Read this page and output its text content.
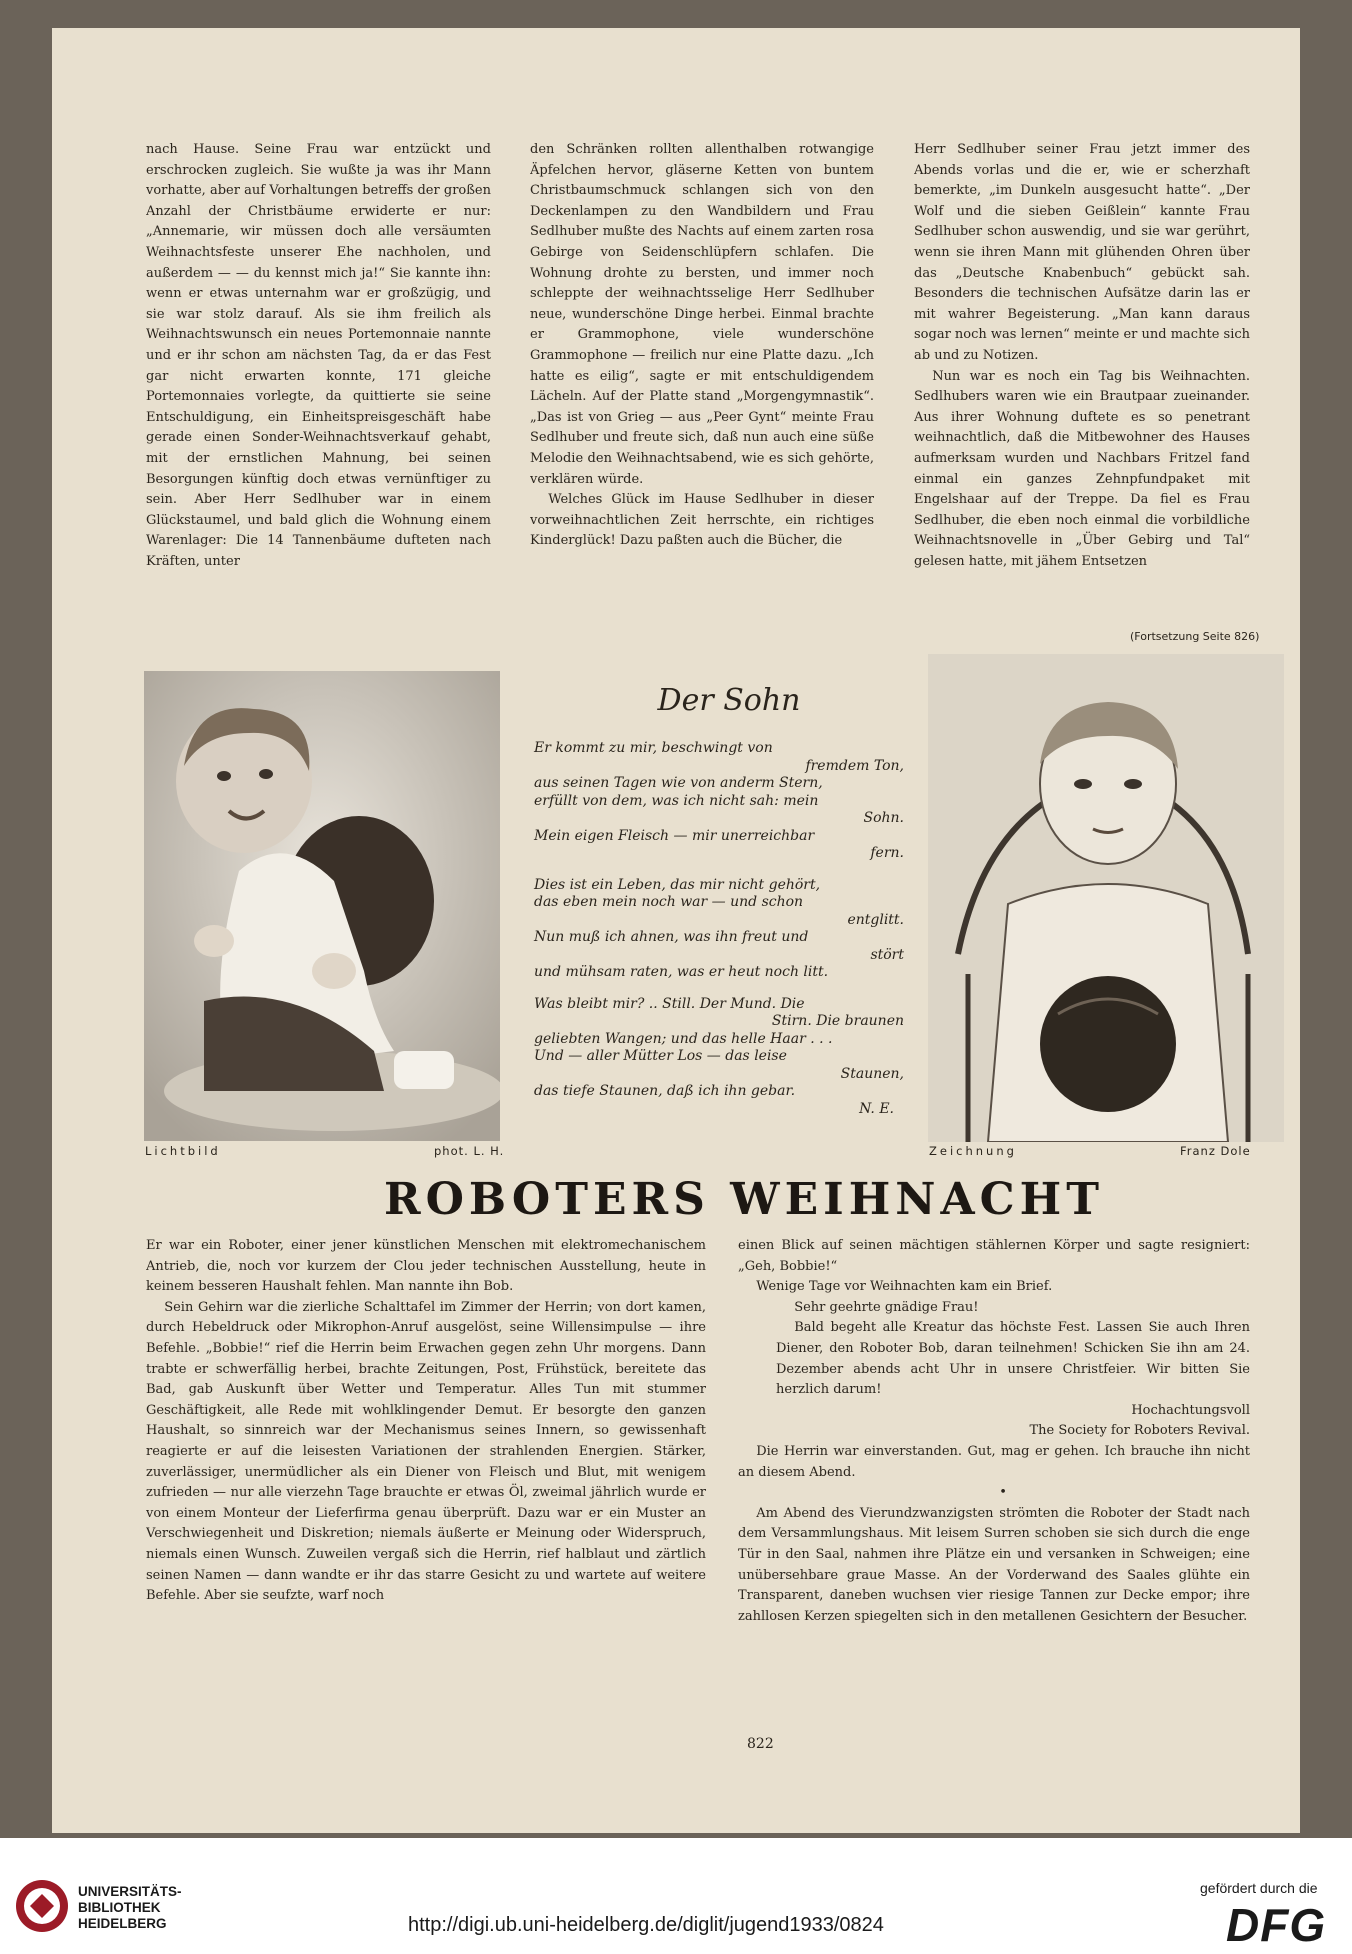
nach Hause. Seine Frau war entzückt und erschrocken zugleich. Sie wußte ja was ihr Mann vorhatte, aber auf Vorhaltungen betreffs der großen Anzahl der Christbäume erwiderte er nur: „Annemarie, wir müssen doch alle versäumten Weihnachtsfeste unserer Ehe nachholen, und außerdem — — du kennst mich ja!“ Sie kannte ihn: wenn er etwas unternahm war er großzügig, und sie war stolz darauf. Als sie ihm freilich als Weihnachtswunsch ein neues Portemonnaie nannte und er ihr schon am nächsten Tag, da er das Fest gar nicht erwarten konnte, 171 gleiche Portemonnaies vorlegte, da quittierte sie seine Entschuldigung, ein Einheitspreisgeschäft habe gerade einen Sonder-Weihnachtsverkauf gehabt, mit der ernstlichen Mahnung, bei seinen Besorgungen künftig doch etwas vernünftiger zu sein. Aber Herr Sedlhuber war in einem Glückstaumel, und bald glich die Wohnung einem Warenlager: Die 14 Tannenbäume dufteten nach Kräften, unter

den Schränken rollten allenthalben rotwangige Äpfelchen hervor, gläserne Ketten von buntem Christbaumschmuck schlangen sich von den Deckenlampen zu den Wandbildern und Frau Sedlhuber mußte des Nachts auf einem zarten rosa Gebirge von Seidenschlüpfern schlafen. Die Wohnung drohte zu bersten, und immer noch schleppte der weihnachtsselige Herr Sedlhuber neue, wunderschöne Dinge herbei. Einmal brachte er Grammophone, viele wunderschöne Grammophone — freilich nur eine Platte dazu. „Ich hatte es eilig“, sagte er mit entschuldigendem Lächeln. Auf der Platte stand „Morgengymnastik“. „Das ist von Grieg — aus „Peer Gynt“ meinte Frau Sedlhuber und freute sich, daß nun auch eine süße Melodie den Weihnachtsabend, wie es sich gehörte, verklären würde.

Welches Glück im Hause Sedlhuber in dieser vorweihnachtlichen Zeit herrschte, ein richtiges Kinderglück! Dazu paßten auch die Bücher, die

Herr Sedlhuber seiner Frau jetzt immer des Abends vorlas und die er, wie er scherzhaft bemerkte, „im Dunkeln ausgesucht hatte“. „Der Wolf und die sieben Geißlein“ kannte Frau Sedlhuber schon auswendig, und sie war gerührt, wenn sie ihren Mann mit glühenden Ohren über das „Deutsche Knabenbuch“ gebückt sah. Besonders die technischen Aufsätze darin las er mit wahrer Begeisterung. „Man kann daraus sogar noch was lernen“ meinte er und machte sich ab und zu Notizen.

Nun war es noch ein Tag bis Weihnachten. Sedlhubers waren wie ein Brautpaar zueinander. Aus ihrer Wohnung duftete es so penetrant weihnachtlich, daß die Mitbewohner des Hauses aufmerksam wurden und Nachbars Fritzel fand einmal ein ganzes Zehnpfundpaket mit Engelshaar auf der Treppe. Da fiel es Frau Sedlhuber, die eben noch einmal die vorbildliche Weihnachtsnovelle in „Über Gebirg und Tal“ gelesen hatte, mit jähem Entsetzen

(Fortsetzung Seite 826)
Lichtbild	phot. L. H.
Der Sohn
Er kommt zu mir, beschwingt von
fremdem Ton,
aus seinen Tagen wie von anderm Stern,
erfüllt von dem, was ich nicht sah: mein
Sohn.
Mein eigen Fleisch — mir unerreichbar
fern.
Dies ist ein Leben, das mir nicht gehört,
das eben mein noch war — und schon
entglitt.
Nun muß ich ahnen, was ihn freut und
stört
und mühsam raten, was er heut noch litt.
Was bleibt mir? .. Still. Der Mund. Die
Stirn. Die braunen
geliebten Wangen; und das helle Haar . . .
Und — aller Mütter Los — das leise
Staunen,
das tiefe Staunen, daß ich ihn gebar.
N. E.
Zeichnung	Franz Dole
ROBOTERS WEIHNACHT

Er war ein Roboter, einer jener künstlichen Menschen mit elektromechanischem Antrieb, die, noch vor kurzem der Clou jeder technischen Ausstellung, heute in keinem besseren Haushalt fehlen. Man nannte ihn Bob.

Sein Gehirn war die zierliche Schalttafel im Zimmer der Herrin; von dort kamen, durch Hebeldruck oder Mikrophon-Anruf ausgelöst, seine Willensimpulse — ihre Befehle. „Bobbie!“ rief die Herrin beim Erwachen gegen zehn Uhr morgens. Dann trabte er schwerfällig herbei, brachte Zeitungen, Post, Frühstück, bereitete das Bad, gab Auskunft über Wetter und Temperatur. Alles Tun mit stummer Geschäftigkeit, alle Rede mit wohlklingender Demut. Er besorgte den ganzen Haushalt, so sinnreich war der Mechanismus seines Innern, so gewissenhaft reagierte er auf die leisesten Variationen der strahlenden Energien. Stärker, zuverlässiger, unermüdlicher als ein Diener von Fleisch und Blut, mit wenigem zufrieden — nur alle vierzehn Tage brauchte er etwas Öl, zweimal jährlich wurde er von einem Monteur der Lieferfirma genau überprüft. Dazu war er ein Muster an Verschwiegenheit und Diskretion; niemals äußerte er Meinung oder Widerspruch, niemals einen Wunsch. Zuweilen vergaß sich die Herrin, rief halblaut und zärtlich seinen Namen — dann wandte er ihr das starre Gesicht zu und wartete auf weitere Befehle. Aber sie seufzte, warf noch

einen Blick auf seinen mächtigen stählernen Körper und sagte resigniert: „Geh, Bobbie!“

Wenige Tage vor Weihnachten kam ein Brief.

Sehr geehrte gnädige Frau!

Bald begeht alle Kreatur das höchste Fest. Lassen Sie auch Ihren Diener, den Roboter Bob, daran teilnehmen! Schicken Sie ihn am 24. Dezember abends acht Uhr in unsere Christfeier. Wir bitten Sie herzlich darum!

Hochachtungsvoll

The Society for Roboters Revival.

Die Herrin war einverstanden. Gut, mag er gehen. Ich brauche ihn nicht an diesem Abend.

•

Am Abend des Vierundzwanzigsten strömten die Roboter der Stadt nach dem Versammlungshaus. Mit leisem Surren schoben sie sich durch die enge Tür in den Saal, nahmen ihre Plätze ein und versanken in Schweigen; eine unübersehbare graue Masse. An der Vorderwand des Saales glühte ein Transparent, daneben wuchsen vier riesige Tannen zur Decke empor; ihre zahllosen Kerzen spiegelten sich in den metallenen Gesichtern der Besucher.

822
UNIVERSITÄTS-
BIBLIOTHEK
HEIDELBERG	http://digi.ub.uni-heidelberg.de/diglit/jugend1933/0824
gefördert durch die
DFG
